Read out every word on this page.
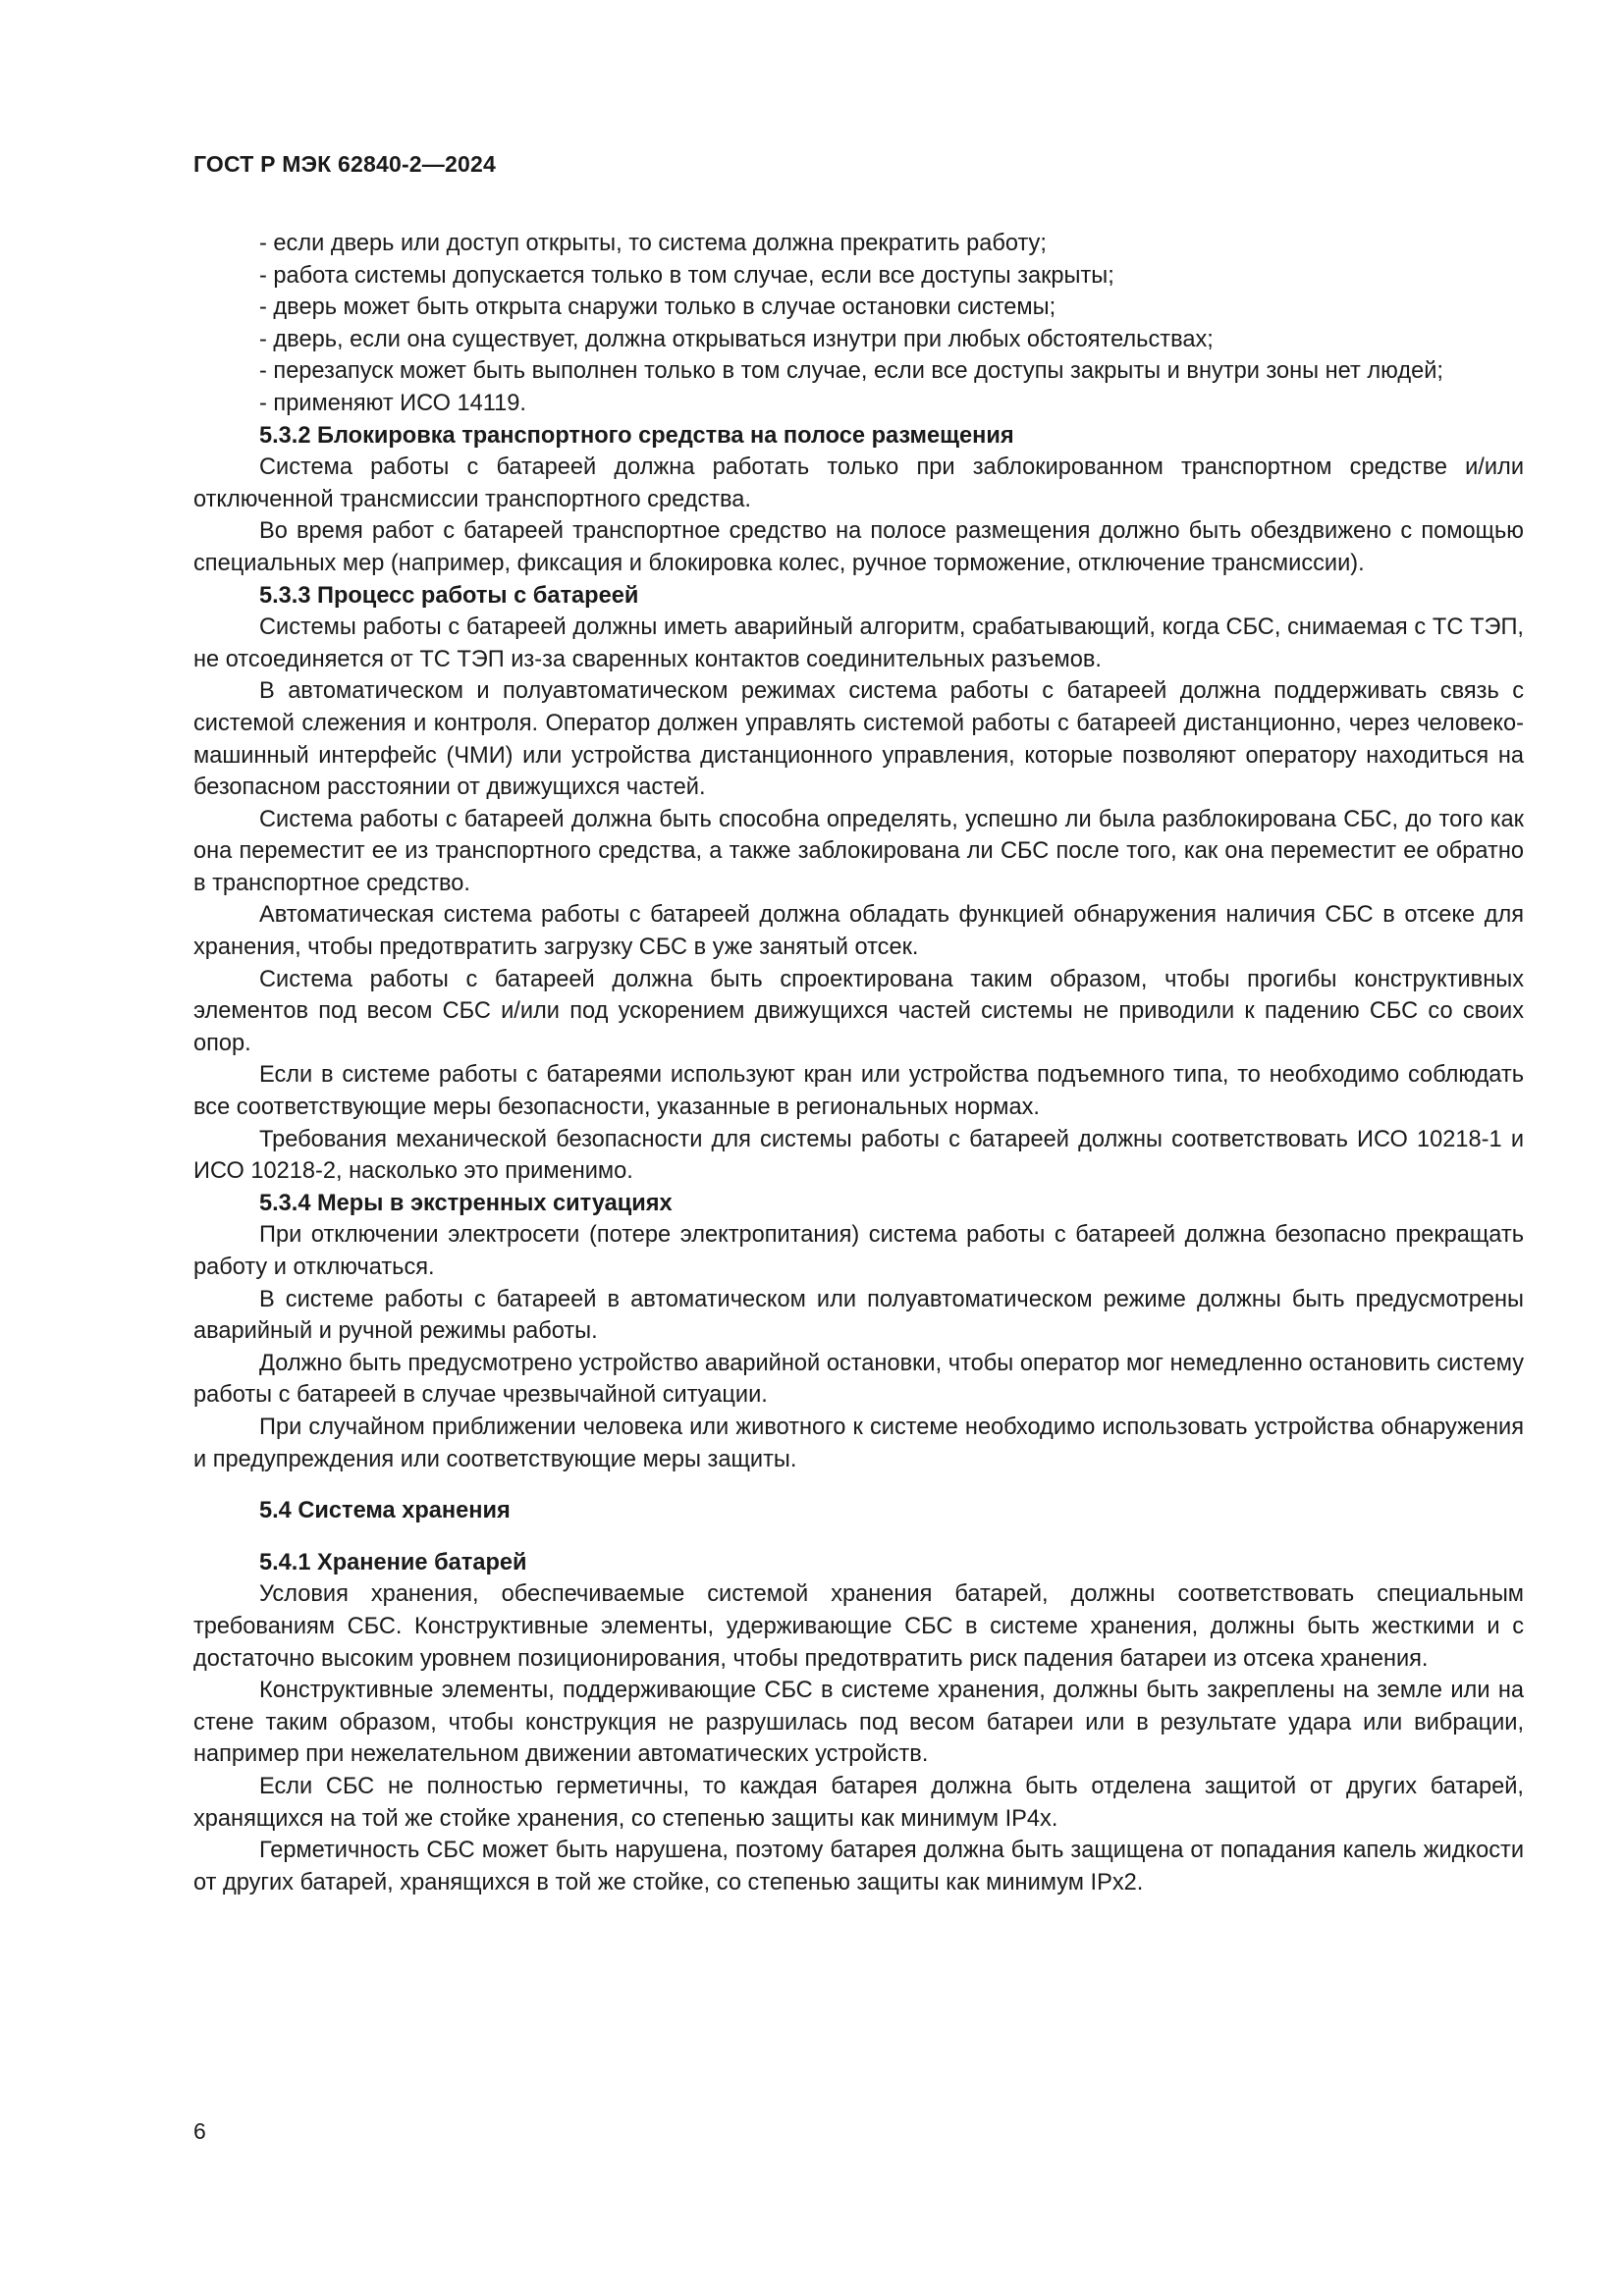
ГОСТ Р МЭК 62840-2—2024

- если дверь или доступ открыты, то система должна прекратить работу;

- работа системы допускается только в том случае, если все доступы закрыты;

- дверь может быть открыта снаружи только в случае остановки системы;

- дверь, если она существует, должна открываться изнутри при любых обстоятельствах;

- перезапуск может быть выполнен только в том случае, если все доступы закрыты и внутри зоны нет людей;

- применяют ИСО 14119.

5.3.2 Блокировка транспортного средства на полосе размещения

Система работы с батареей должна работать только при заблокированном транспортном средстве и/или отключенной трансмиссии транспортного средства.

Во время работ с батареей транспортное средство на полосе размещения должно быть обездвижено с помощью специальных мер (например, фиксация и блокировка колес, ручное торможение, отключение трансмиссии).

5.3.3 Процесс работы с батареей

Системы работы с батареей должны иметь аварийный алгоритм, срабатывающий, когда СБС, снимаемая с ТС ТЭП, не отсоединяется от ТС ТЭП из-за сваренных контактов соединительных разъемов.

В автоматическом и полуавтоматическом режимах система работы с батареей должна поддерживать связь с системой слежения и контроля. Оператор должен управлять системой работы с батареей дистанционно, через человеко-машинный интерфейс (ЧМИ) или устройства дистанционного управления, которые позволяют оператору находиться на безопасном расстоянии от движущихся частей.

Система работы с батареей должна быть способна определять, успешно ли была разблокирована СБС, до того как она переместит ее из транспортного средства, а также заблокирована ли СБС после того, как она переместит ее обратно в транспортное средство.

Автоматическая система работы с батареей должна обладать функцией обнаружения наличия СБС в отсеке для хранения, чтобы предотвратить загрузку СБС в уже занятый отсек.

Система работы с батареей должна быть спроектирована таким образом, чтобы прогибы конструктивных элементов под весом СБС и/или под ускорением движущихся частей системы не приводили к падению СБС со своих опор.

Если в системе работы с батареями используют кран или устройства подъемного типа, то необходимо соблюдать все соответствующие меры безопасности, указанные в региональных нормах.

Требования механической безопасности для системы работы с батареей должны соответствовать ИСО 10218-1 и ИСО 10218-2, насколько это применимо.

5.3.4 Меры в экстренных ситуациях

При отключении электросети (потере электропитания) система работы с батареей должна безопасно прекращать работу и отключаться.

В системе работы с батареей в автоматическом или полуавтоматическом режиме должны быть предусмотрены аварийный и ручной режимы работы.

Должно быть предусмотрено устройство аварийной остановки, чтобы оператор мог немедленно остановить систему работы с батареей в случае чрезвычайной ситуации.

При случайном приближении человека или животного к системе необходимо использовать устройства обнаружения и предупреждения или соответствующие меры защиты.

5.4 Система хранения
5.4.1 Хранение батарей

Условия хранения, обеспечиваемые системой хранения батарей, должны соответствовать специальным требованиям СБС. Конструктивные элементы, удерживающие СБС в системе хранения, должны быть жесткими и с достаточно высоким уровнем позиционирования, чтобы предотвратить риск падения батареи из отсека хранения.

Конструктивные элементы, поддерживающие СБС в системе хранения, должны быть закреплены на земле или на стене таким образом, чтобы конструкция не разрушилась под весом батареи или в результате удара или вибрации, например при нежелательном движении автоматических устройств.

Если СБС не полностью герметичны, то каждая батарея должна быть отделена защитой от других батарей, хранящихся на той же стойке хранения, со степенью защиты как минимум IP4x.

Герметичность СБС может быть нарушена, поэтому батарея должна быть защищена от попадания капель жидкости от других батарей, хранящихся в той же стойке, со степенью защиты как минимум IPx2.

6
